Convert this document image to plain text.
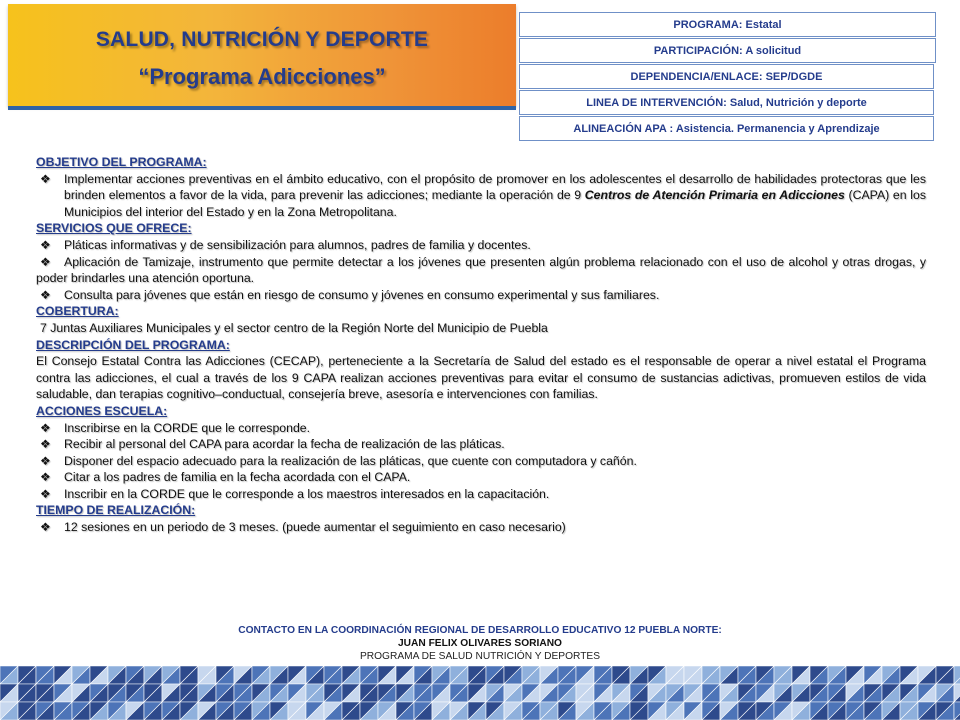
SALUD, NUTRICIÓN Y DEPORTE
“Programa Adicciones”
PROGRAMA: Estatal
PARTICIPACIÓN: A solicitud
DEPENDENCIA/ENLACE: SEP/DGDE
LINEA DE INTERVENCIÓN: Salud, Nutrición y deporte
ALINEACIÓN APA : Asistencia. Permanencia y Aprendizaje

OBJETIVO DEL PROGRAMA:

❖ Implementar acciones preventivas en el ámbito educativo, con el propósito de promover en los adolescentes el desarrollo de habilidades protectoras que les brinden elementos a favor de la vida, para prevenir las adicciones; mediante la operación de 9 Centros de Atención Primaria en Adicciones (CAPA) en los Municipios del interior del Estado y en la Zona Metropolitana.

SERVICIOS QUE OFRECE:

❖ Pláticas informativas y de sensibilización para alumnos, padres de familia y docentes.

❖ Aplicación de Tamizaje, instrumento que permite detectar a los jóvenes que presenten algún problema relacionado con el uso de alcohol y otras drogas, y poder brindarles una atención oportuna.

❖ Consulta para jóvenes que están en riesgo de consumo y jóvenes en consumo experimental y sus familiares.

COBERTURA:

7 Juntas Auxiliares Municipales y el sector centro de la Región Norte del Municipio de Puebla

DESCRIPCIÓN DEL PROGRAMA:

El Consejo Estatal Contra las Adicciones (CECAP), perteneciente a la Secretaría de Salud del estado es el responsable de operar a nivel estatal el Programa contra las adicciones, el cual a través de los 9 CAPA realizan acciones preventivas para evitar el consumo de sustancias adictivas, promueven estilos de vida saludable, dan terapias cognitivo–conductual, consejería breve, asesoría e intervenciones con familias.

ACCIONES ESCUELA:

❖ Inscribirse en la CORDE que le corresponde.

❖ Recibir al personal del CAPA para acordar la fecha de realización de las pláticas.

❖ Disponer del espacio adecuado para la realización de las pláticas, que cuente con computadora y cañón.

❖ Citar a los padres de familia en la fecha acordada con el CAPA.

❖ Inscribir en la CORDE que le corresponde a los maestros interesados en la capacitación.

TIEMPO DE REALIZACIÓN:

❖ 12 sesiones en un periodo de 3 meses. (puede aumentar el seguimiento en caso necesario)

CONTACTO EN LA COORDINACIÓN REGIONAL DE DESARROLLO EDUCATIVO 12 PUEBLA NORTE:
JUAN FELIX OLIVARES SORIANO
PROGRAMA DE SALUD NUTRICIÓN Y DEPORTES
